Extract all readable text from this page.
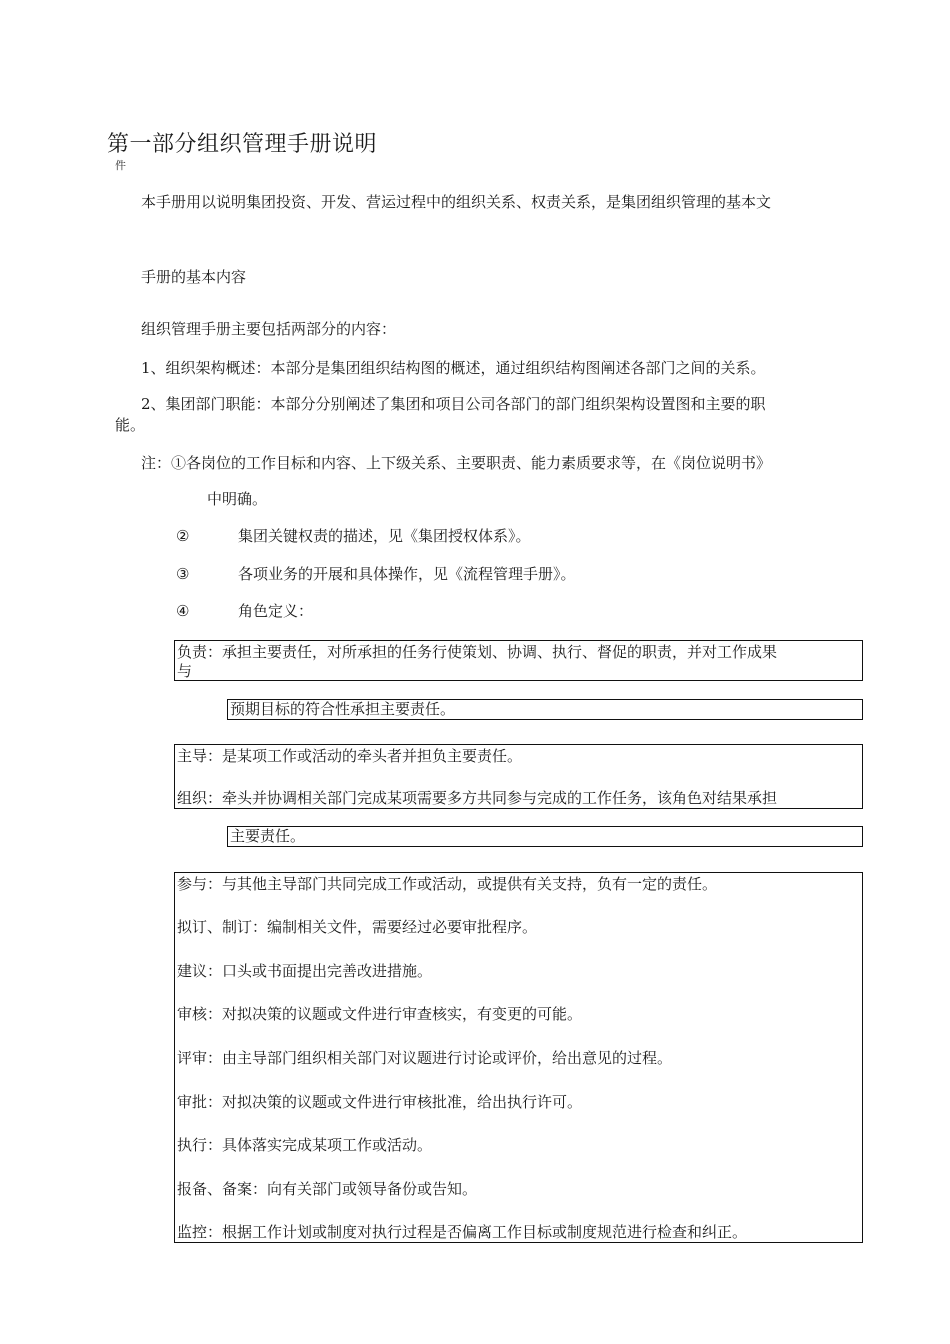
第一部分组织管理手册说明
件
本手册用以说明集团投资、开发、营运过程中的组织关系、权责关系，是集团组织管理的基本文
手册的基本内容
组织管理手册主要包括两部分的内容：
1、组织架构概述：本部分是集团组织结构图的概述，通过组织结构图阐述各部门之间的关系。
2、集团部门职能：本部分分别阐述了集团和项目公司各部门的部门组织架构设置图和主要的职
能。
注：①各岗位的工作目标和内容、上下级关系、主要职责、能力素质要求等，在《岗位说明书》
中明确。
②	集团关键权责的描述，见《集团授权体系》。
③	各项业务的开展和具体操作，见《流程管理手册》。
④	角色定义：
负责：承担主要责任，对所承担的任务行使策划、协调、执行、督促的职责，并对工作成果
与
预期目标的符合性承担主要责任。
主导：是某项工作或活动的牵头者并担负主要责任。
组织：牵头并协调相关部门完成某项需要多方共同参与完成的工作任务，该角色对结果承担
主要责任。
参与：与其他主导部门共同完成工作或活动，或提供有关支持，负有一定的责任。
拟订、制订：编制相关文件，需要经过必要审批程序。
建议：口头或书面提出完善改进措施。
审核：对拟决策的议题或文件进行审查核实，有变更的可能。
评审：由主导部门组织相关部门对议题进行讨论或评价，给出意见的过程。
审批：对拟决策的议题或文件进行审核批准，给出执行许可。
执行：具体落实完成某项工作或活动。
报备、备案：向有关部门或领导备份或告知。
监控：根据工作计划或制度对执行过程是否偏离工作目标或制度规范进行检查和纠正。
